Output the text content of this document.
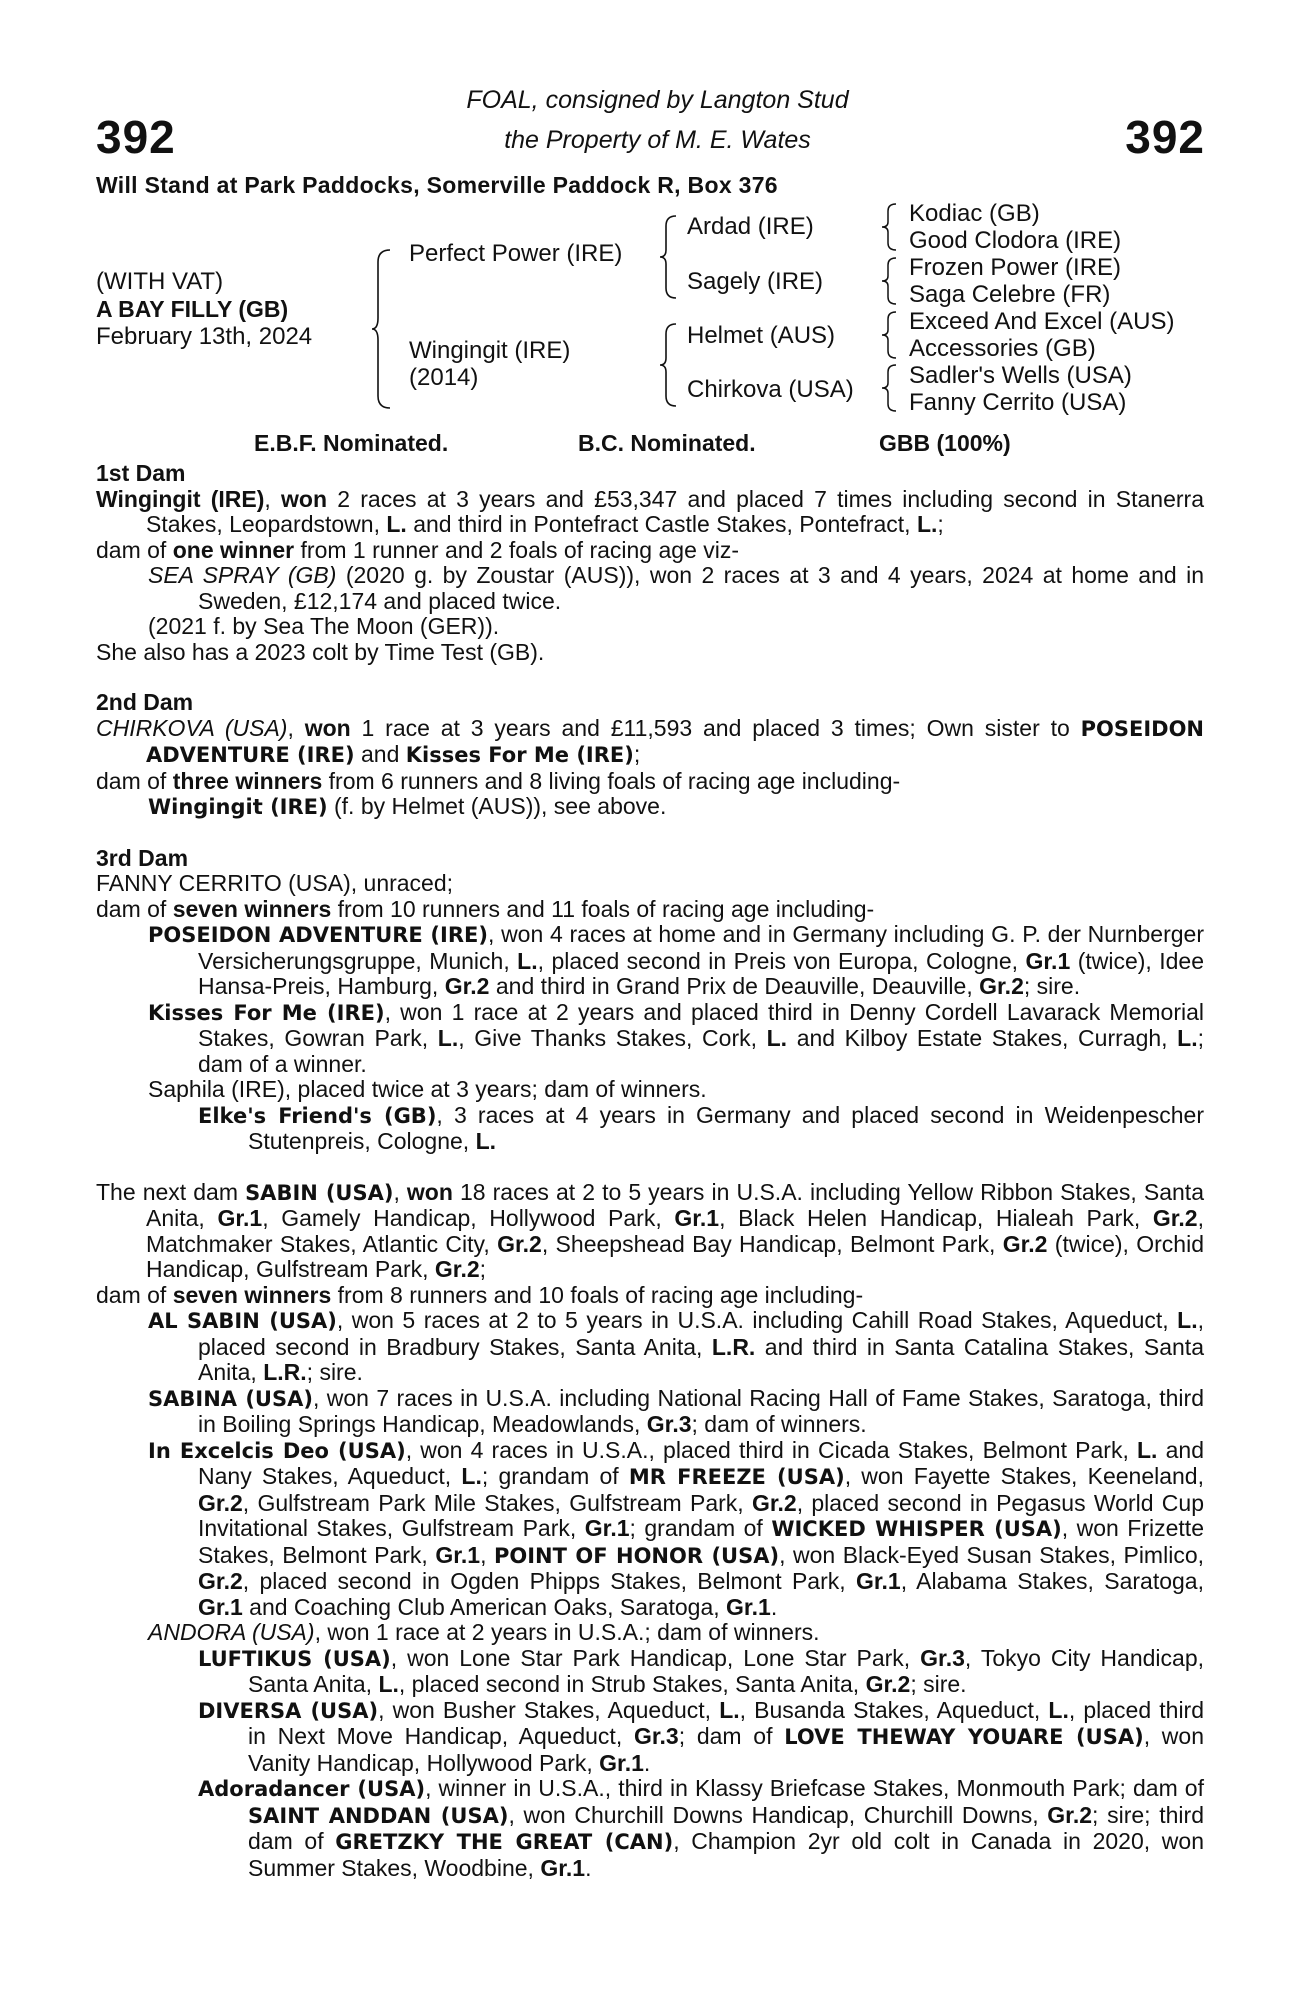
392	392
FOAL, consigned by Langton Stud
the Property of M. E. Wates
Will Stand at Park Paddocks, Somerville Paddock R, Box 376
(WITH VAT)
A BAY FILLY (GB)
February 13th, 2024
Perfect Power (IRE)
Wingingit (IRE)
(2014)
Ardad (IRE)
Sagely (IRE)
Helmet (AUS)
Chirkova (USA)
Kodiac (GB)
Good Clodora (IRE)
Frozen Power (IRE)
Saga Celebre (FR)
Exceed And Excel (AUS)
Accessories (GB)
Sadler's Wells (USA)
Fanny Cerrito (USA)
E.B.F. Nominated.	B.C. Nominated.	GBB (100%)
1st Dam

Wingingit (IRE), won 2 races at 3 years and £53,347 and placed 7 times including second in Stanerra Stakes, Leopardstown, L. and third in Pontefract Castle Stakes, Pontefract, L.;

dam of one winner from 1 runner and 2 foals of racing age viz-

SEA SPRAY (GB) (2020 g. by Zoustar (AUS)), won 2 races at 3 and 4 years, 2024 at home and in Sweden, £12,174 and placed twice.

(2021 f. by Sea The Moon (GER)).

She also has a 2023 colt by Time Test (GB).

2nd Dam

CHIRKOVA (USA), won 1 race at 3 years and £11,593 and placed 3 times; Own sister to POSEIDON ADVENTURE (IRE) and Kisses For Me (IRE);

dam of three winners from 6 runners and 8 living foals of racing age including-

Wingingit (IRE) (f. by Helmet (AUS)), see above.

3rd Dam

FANNY CERRITO (USA), unraced;

dam of seven winners from 10 runners and 11 foals of racing age including-

POSEIDON ADVENTURE (IRE), won 4 races at home and in Germany including G. P. der Nurnberger Versicherungsgruppe, Munich, L., placed second in Preis von Europa, Cologne, Gr.1 (twice), Idee Hansa-Preis, Hamburg, Gr.2 and third in Grand Prix de Deauville, Deauville, Gr.2; sire.

Kisses For Me (IRE), won 1 race at 2 years and placed third in Denny Cordell Lavarack Memorial Stakes, Gowran Park, L., Give Thanks Stakes, Cork, L. and Kilboy Estate Stakes, Curragh, L.; dam of a winner.

Saphila (IRE), placed twice at 3 years; dam of winners.

Elke's Friend's (GB), 3 races at 4 years in Germany and placed second in Weidenpescher Stutenpreis, Cologne, L.

The next dam SABIN (USA), won 18 races at 2 to 5 years in U.S.A. including Yellow Ribbon Stakes, Santa Anita, Gr.1, Gamely Handicap, Hollywood Park, Gr.1, Black Helen Handicap, Hialeah Park, Gr.2, Matchmaker Stakes, Atlantic City, Gr.2, Sheepshead Bay Handicap, Belmont Park, Gr.2 (twice), Orchid Handicap, Gulfstream Park, Gr.2;

dam of seven winners from 8 runners and 10 foals of racing age including-

AL SABIN (USA), won 5 races at 2 to 5 years in U.S.A. including Cahill Road Stakes, Aqueduct, L., placed second in Bradbury Stakes, Santa Anita, L.R. and third in Santa Catalina Stakes, Santa Anita, L.R.; sire.

SABINA (USA), won 7 races in U.S.A. including National Racing Hall of Fame Stakes, Saratoga, third in Boiling Springs Handicap, Meadowlands, Gr.3; dam of winners.

In Excelcis Deo (USA), won 4 races in U.S.A., placed third in Cicada Stakes, Belmont Park, L. and Nany Stakes, Aqueduct, L.; grandam of MR FREEZE (USA), won Fayette Stakes, Keeneland, Gr.2, Gulfstream Park Mile Stakes, Gulfstream Park, Gr.2, placed second in Pegasus World Cup Invitational Stakes, Gulfstream Park, Gr.1; grandam of WICKED WHISPER (USA), won Frizette Stakes, Belmont Park, Gr.1, POINT OF HONOR (USA), won Black-Eyed Susan Stakes, Pimlico, Gr.2, placed second in Ogden Phipps Stakes, Belmont Park, Gr.1, Alabama Stakes, Saratoga, Gr.1 and Coaching Club American Oaks, Saratoga, Gr.1.

ANDORA (USA), won 1 race at 2 years in U.S.A.; dam of winners.

LUFTIKUS (USA), won Lone Star Park Handicap, Lone Star Park, Gr.3, Tokyo City Handicap, Santa Anita, L., placed second in Strub Stakes, Santa Anita, Gr.2; sire.

DIVERSA (USA), won Busher Stakes, Aqueduct, L., Busanda Stakes, Aqueduct, L., placed third in Next Move Handicap, Aqueduct, Gr.3; dam of LOVE THEWAY YOUARE (USA), won Vanity Handicap, Hollywood Park, Gr.1.

Adoradancer (USA), winner in U.S.A., third in Klassy Briefcase Stakes, Monmouth Park; dam of SAINT ANDDAN (USA), won Churchill Downs Handicap, Churchill Downs, Gr.2; sire; third dam of GRETZKY THE GREAT (CAN), Champion 2yr old colt in Canada in 2020, won Summer Stakes, Woodbine, Gr.1.
